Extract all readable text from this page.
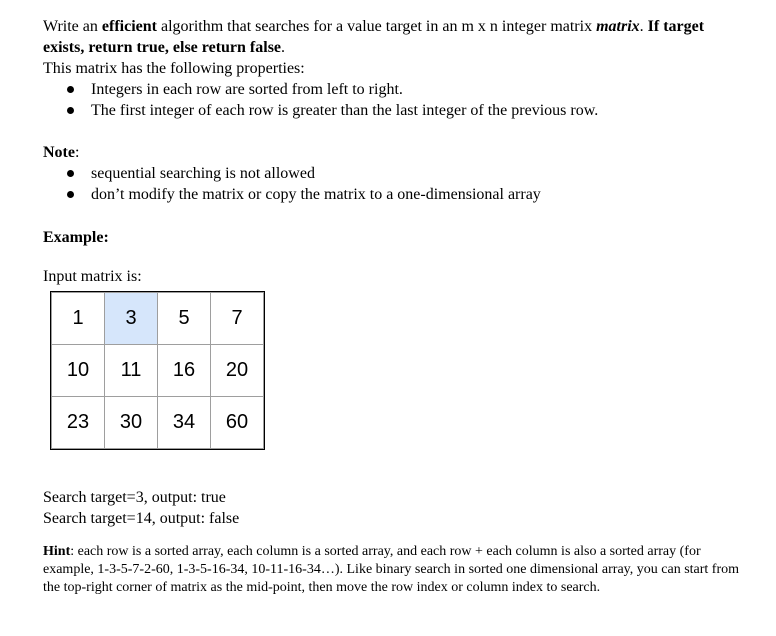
Write an efficient algorithm that searches for a value target in an m x n integer matrix matrix. If target exists, return true, else return false.

This matrix has the following properties:

Integers in each row are sorted from left to right.
The first integer of each row is greater than the last integer of the previous row.

Note:

sequential searching is not allowed
don’t modify the matrix or copy the matrix to a one-dimensional array

Example:

Input matrix is:

1	3	5	7
10	11	16	20
23	30	34	60

Search target=3, output: true

Search target=14, output: false

Hint: each row is a sorted array, each column is a sorted array, and each row + each column is also a sorted array (for example, 1-3-5-7-2-60, 1-3-5-16-34, 10-11-16-34…). Like binary search in sorted one dimensional array, you can start from the top-right corner of matrix as the mid-point, then move the row index or column index to search.
